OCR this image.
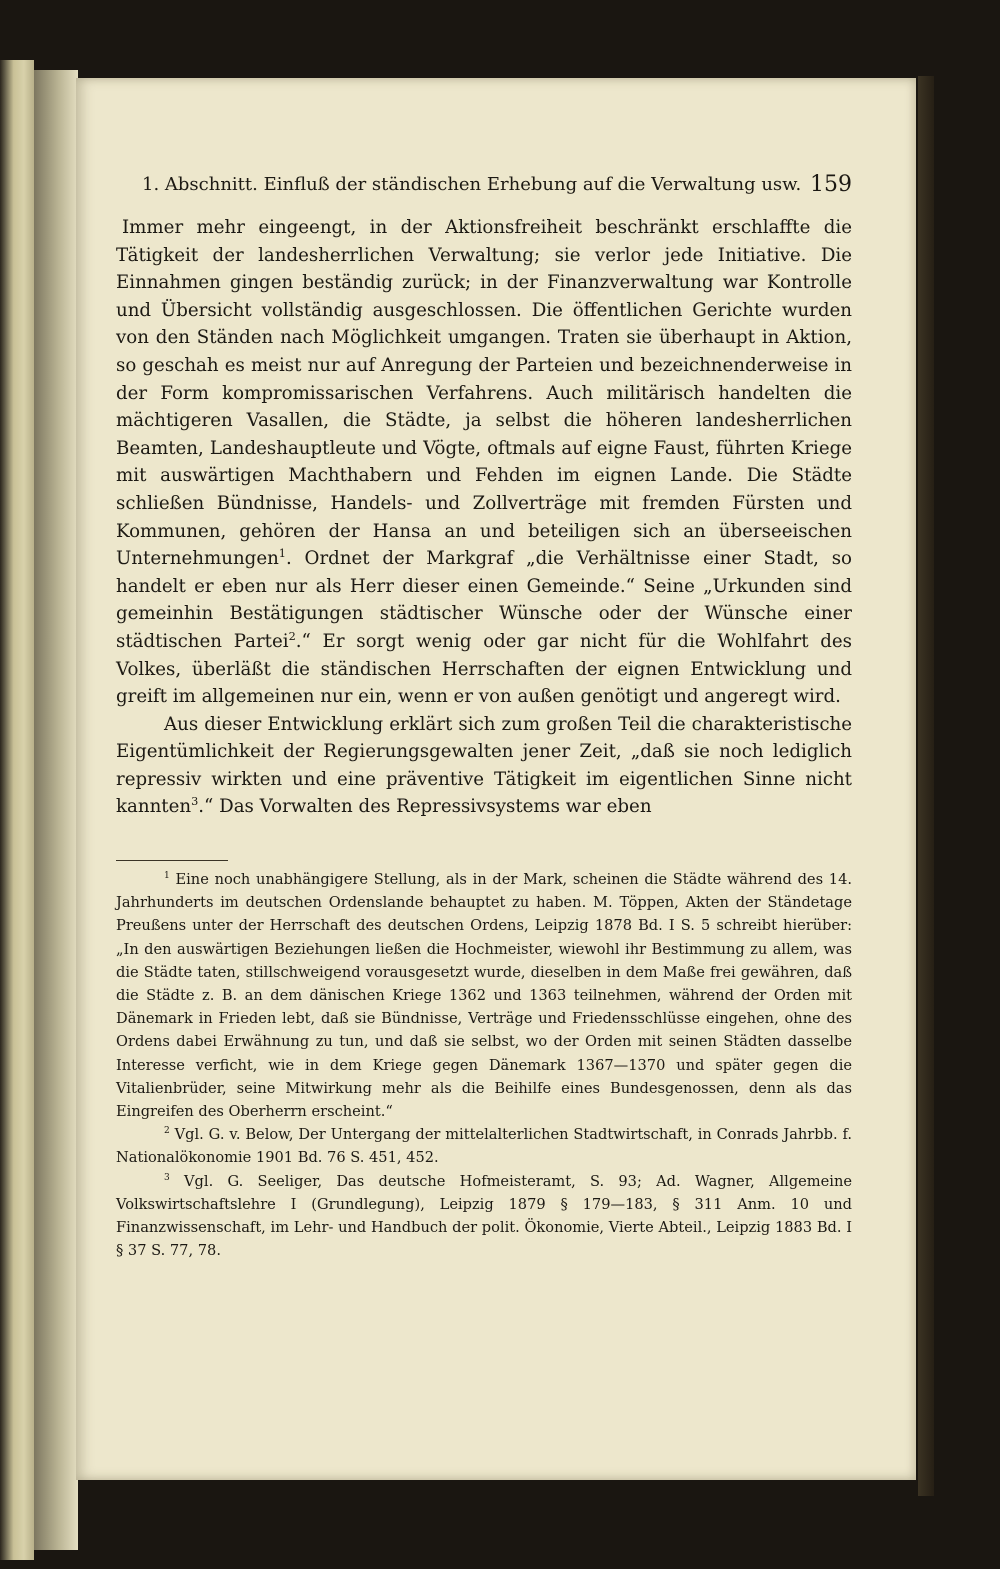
1. Abschnitt. Einfluß der ständischen Erhebung auf die Verwaltung usw. 159

Immer mehr eingeengt, in der Aktionsfreiheit beschränkt erschlaffte die Tätigkeit der landesherrlichen Verwaltung; sie verlor jede Initiative. Die Einnahmen gingen beständig zurück; in der Finanzverwaltung war Kontrolle und Übersicht vollständig ausgeschlossen. Die öffentlichen Gerichte wurden von den Ständen nach Möglichkeit umgangen. Traten sie überhaupt in Aktion, so geschah es meist nur auf Anregung der Parteien und bezeichnenderweise in der Form kompromissarischen Verfahrens. Auch militärisch handelten die mächtigeren Vasallen, die Städte, ja selbst die höheren landesherrlichen Beamten, Landeshauptleute und Vögte, oftmals auf eigne Faust, führten Kriege mit auswärtigen Machthabern und Fehden im eignen Lande. Die Städte schließen Bündnisse, Handels- und Zollverträge mit fremden Fürsten und Kommunen, gehören der Hansa an und beteiligen sich an überseeischen Unternehmungen$^1$. Ordnet der Markgraf „die Verhältnisse einer Stadt, so handelt er eben nur als Herr dieser einen Gemeinde.“ Seine „Urkunden sind gemeinhin Bestätigungen städtischer Wünsche oder der Wünsche einer städtischen Partei$^2$.“ Er sorgt wenig oder gar nicht für die Wohlfahrt des Volkes, überläßt die ständischen Herrschaften der eignen Entwicklung und greift im allgemeinen nur ein, wenn er von außen genötigt und angeregt wird.

Aus dieser Entwicklung erklärt sich zum großen Teil die charakteristische Eigentümlichkeit der Regierungsgewalten jener Zeit, „daß sie noch lediglich repressiv wirkten und eine präventive Tätigkeit im eigentlichen Sinne nicht kannten$^3$.“ Das Vorwalten des Repressivsystems war eben

$^1$ Eine noch unabhängigere Stellung, als in der Mark, scheinen die Städte während des 14. Jahrhunderts im deutschen Ordenslande behauptet zu haben. M. Töppen, Akten der Ständetage Preußens unter der Herrschaft des deutschen Ordens, Leipzig 1878 Bd. I S. 5 schreibt hierüber: „In den auswärtigen Beziehungen ließen die Hochmeister, wiewohl ihr Bestimmung zu allem, was die Städte taten, stillschweigend vorausgesetzt wurde, dieselben in dem Maße frei gewähren, daß die Städte z. B. an dem dänischen Kriege 1362 und 1363 teilnehmen, während der Orden mit Dänemark in Frieden lebt, daß sie Bündnisse, Verträge und Friedensschlüsse eingehen, ohne des Ordens dabei Erwähnung zu tun, und daß sie selbst, wo der Orden mit seinen Städten dasselbe Interesse verficht, wie in dem Kriege gegen Dänemark 1367—1370 und später gegen die Vitalienbrüder, seine Mitwirkung mehr als die Beihilfe eines Bundesgenossen, denn als das Eingreifen des Oberherrn erscheint.“

$^2$ Vgl. G. v. Below, Der Untergang der mittelalterlichen Stadtwirtschaft, in Conrads Jahrbb. f. Nationalökonomie 1901 Bd. 76 S. 451, 452.

$^3$ Vgl. G. Seeliger, Das deutsche Hofmeisteramt, S. 93; Ad. Wagner, Allgemeine Volkswirtschaftslehre I (Grundlegung), Leipzig 1879 § 179—183, § 311 Anm. 10 und Finanzwissenschaft, im Lehr- und Handbuch der polit. Ökonomie, Vierte Abteil., Leipzig 1883 Bd. I § 37 S. 77, 78.
